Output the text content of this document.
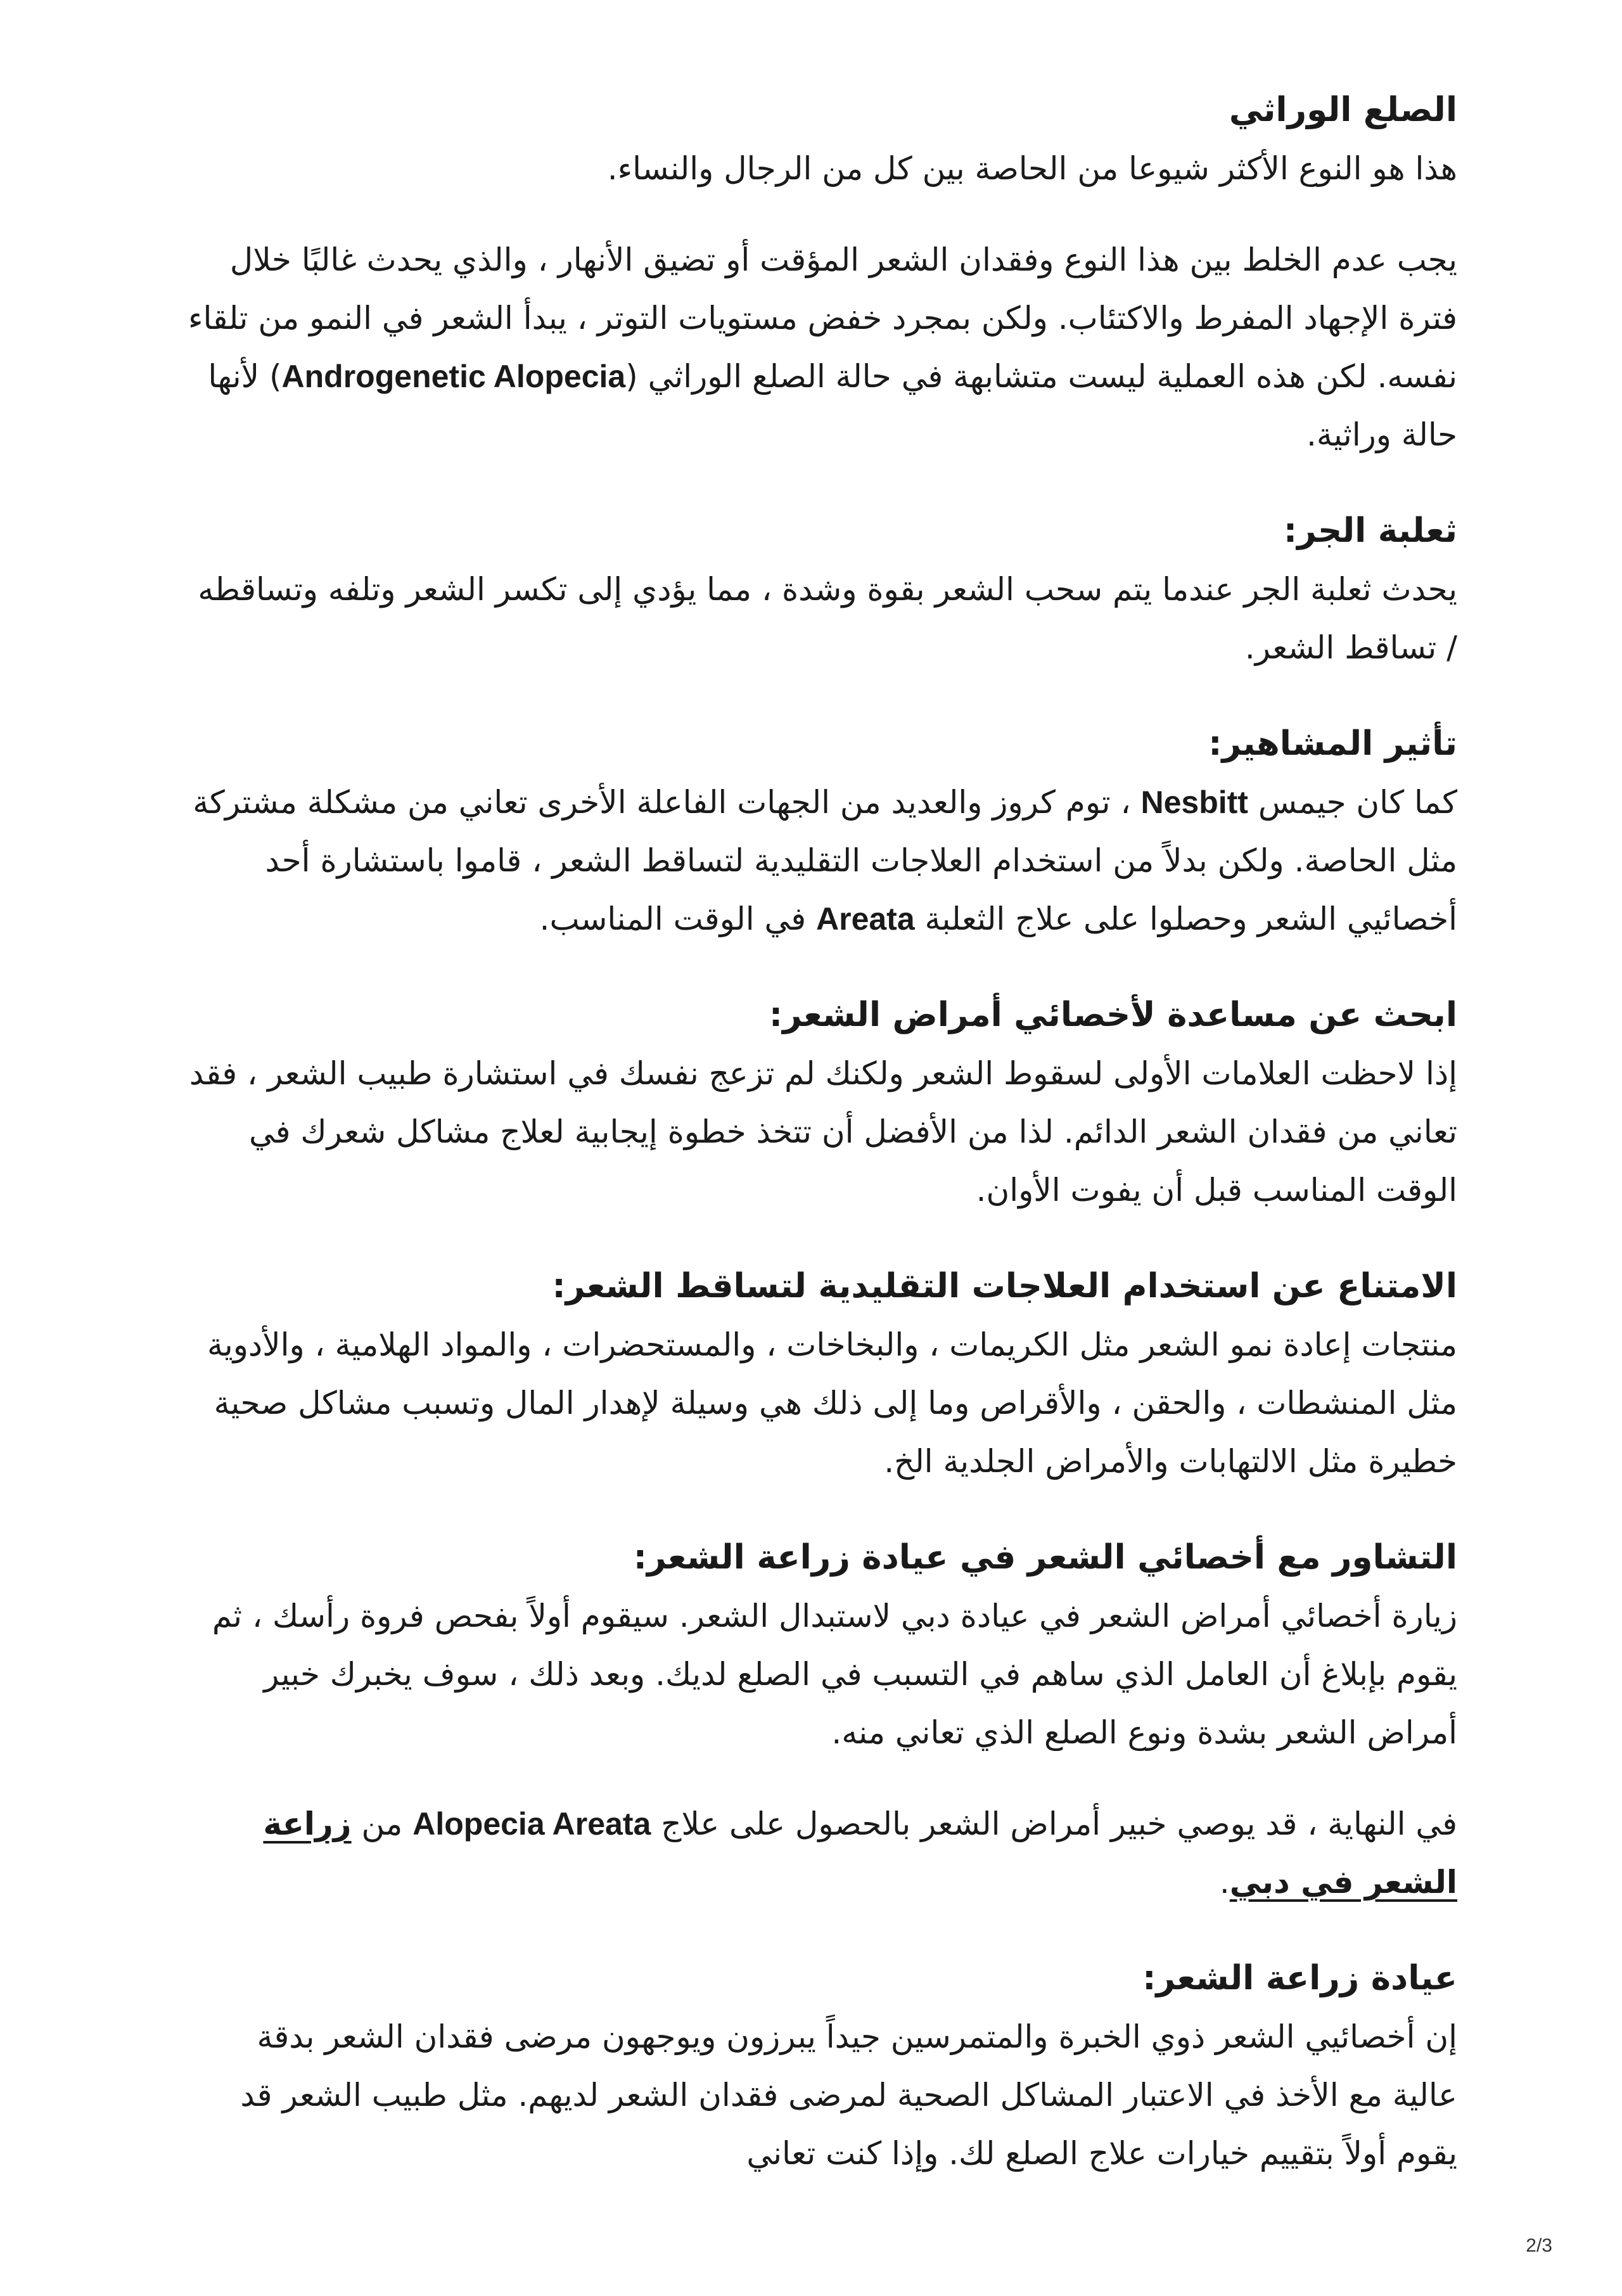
الصلع الوراثي

هذا هو النوع الأكثر شيوعا من الحاصة بين كل من الرجال والنساء.

يجب عدم الخلط بين هذا النوع وفقدان الشعر المؤقت أو تضيق الأنهار ، والذي يحدث غالبًا خلال فترة الإجهاد المفرط والاكتئاب. ولكن بمجرد خفض مستويات التوتر ، يبدأ الشعر في النمو من تلقاء نفسه. لكن هذه العملية ليست متشابهة في حالة الصلع الوراثي (Androgenetic Alopecia) لأنها حالة وراثية.

ثعلبة الجر:

يحدث ثعلبة الجر عندما يتم سحب الشعر بقوة وشدة ، مما يؤدي إلى تكسر الشعر وتلفه وتساقطه / تساقط الشعر.

تأثير المشاهير:

كما كان جيمس Nesbitt ، توم كروز والعديد من الجهات الفاعلة الأخرى تعاني من مشكلة مشتركة مثل الحاصة. ولكن بدلاً من استخدام العلاجات التقليدية لتساقط الشعر ، قاموا باستشارة أحد أخصائيي الشعر وحصلوا على علاج الثعلبة Areata في الوقت المناسب.

ابحث عن مساعدة لأخصائي أمراض الشعر:

إذا لاحظت العلامات الأولى لسقوط الشعر ولكنك لم تزعج نفسك في استشارة طبيب الشعر ، فقد تعاني من فقدان الشعر الدائم. لذا من الأفضل أن تتخذ خطوة إيجابية لعلاج مشاكل شعرك في الوقت المناسب قبل أن يفوت الأوان.

الامتناع عن استخدام العلاجات التقليدية لتساقط الشعر:

منتجات إعادة نمو الشعر مثل الكريمات ، والبخاخات ، والمستحضرات ، والمواد الهلامية ، والأدوية مثل المنشطات ، والحقن ، والأقراص وما إلى ذلك هي وسيلة لإهدار المال وتسبب مشاكل صحية خطيرة مثل الالتهابات والأمراض الجلدية الخ.

التشاور مع أخصائي الشعر في عيادة زراعة الشعر:

زيارة أخصائي أمراض الشعر في عيادة دبي لاستبدال الشعر. سيقوم أولاً بفحص فروة رأسك ، ثم يقوم بإبلاغ أن العامل الذي ساهم في التسبب في الصلع لديك. وبعد ذلك ، سوف يخبرك خبير أمراض الشعر بشدة ونوع الصلع الذي تعاني منه.

في النهاية ، قد يوصي خبير أمراض الشعر بالحصول على علاج Alopecia Areata من زراعة الشعر في دبي.

عيادة زراعة الشعر:

إن أخصائيي الشعر ذوي الخبرة والمتمرسين جيداً يبرزون ويوجهون مرضى فقدان الشعر بدقة عالية مع الأخذ في الاعتبار المشاكل الصحية لمرضى فقدان الشعر لديهم. مثل طبيب الشعر قد يقوم أولاً بتقييم خيارات علاج الصلع لك. وإذا كنت تعاني

2/3
